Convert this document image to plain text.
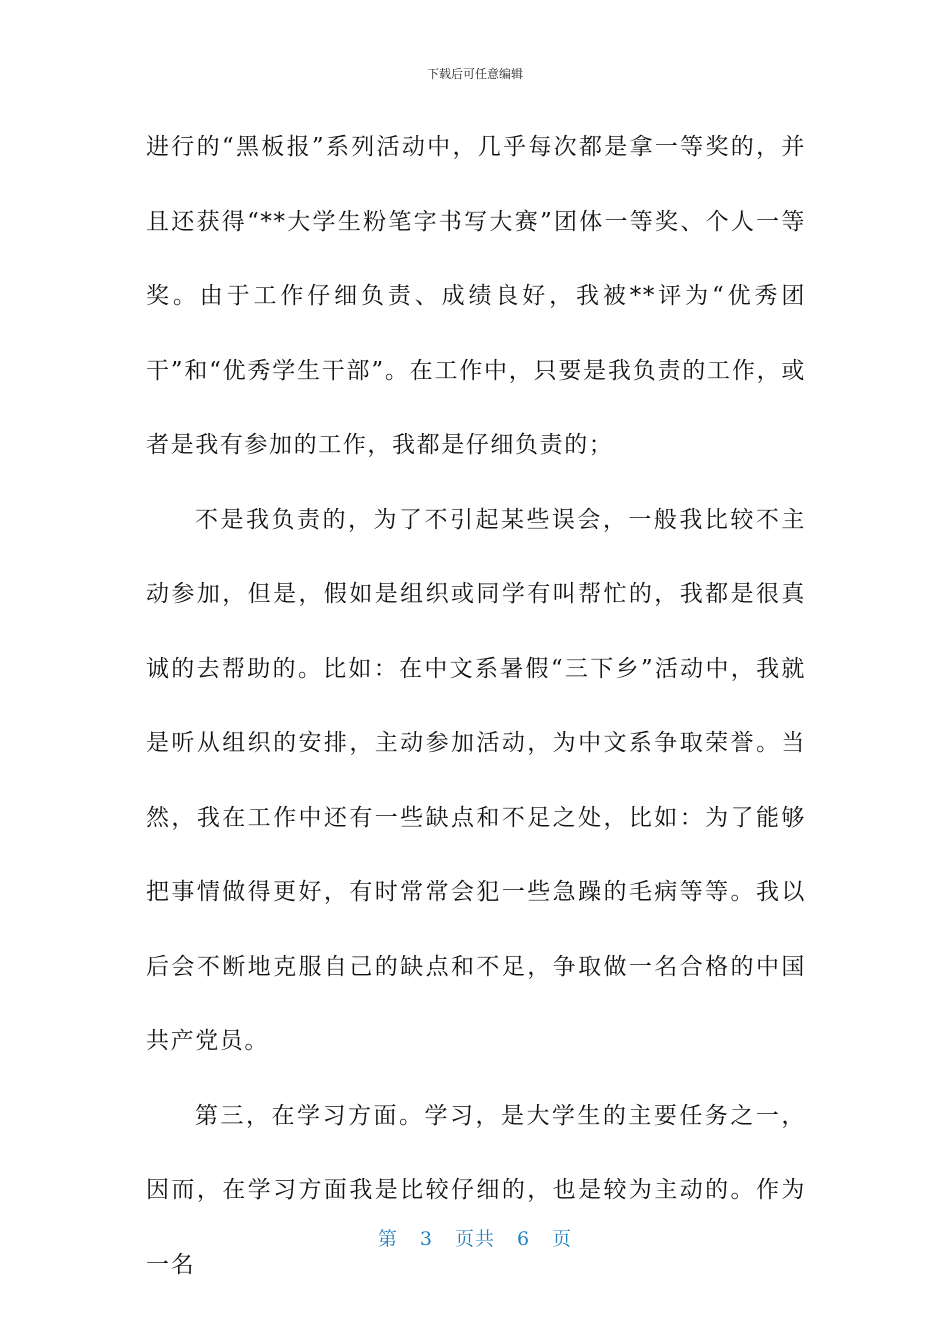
下载后可任意编辑

进行的“黑板报”系列活动中，几乎每次都是拿一等奖的，并且还获得“**大学生粉笔字书写大赛”团体一等奖、个人一等奖。由于工作仔细负责、成绩良好，我被**评为“优秀团干”和“优秀学生干部”。在工作中，只要是我负责的工作，或者是我有参加的工作，我都是仔细负责的；

不是我负责的，为了不引起某些误会，一般我比较不主动参加，但是，假如是组织或同学有叫帮忙的，我都是很真诚的去帮助的。比如：在中文系暑假“三下乡”活动中，我就是听从组织的安排，主动参加活动，为中文系争取荣誉。当然，我在工作中还有一些缺点和不足之处，比如：为了能够把事情做得更好，有时常常会犯一些急躁的毛病等等。我以后会不断地克服自己的缺点和不足，争取做一名合格的中国共产党员。

第三，在学习方面。学习，是大学生的主要任务之一，因而，在学习方面我是比较仔细的，也是较为主动的。作为一名

第 3 页共 6 页
